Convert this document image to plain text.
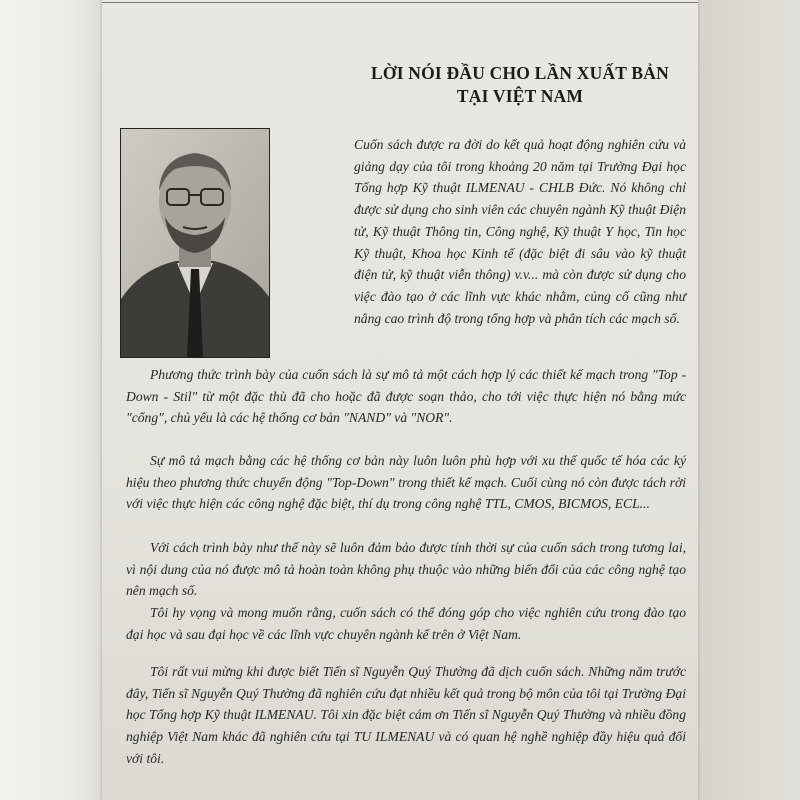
LỜI NÓI ĐẦU CHO LẦN XUẤT BẢN
TẠI VIỆT NAM

Cuốn sách được ra đời do kết quả hoạt động nghiên cứu và giảng dạy của tôi trong khoảng 20 năm tại Trường Đại học Tổng hợp Kỹ thuật ILMENAU - CHLB Đức. Nó không chỉ được sử dụng cho sinh viên các chuyên ngành Kỹ thuật Điện tử, Kỹ thuật Thông tin, Công nghệ, Kỹ thuật Y học, Tin học Kỹ thuật, Khoa học Kinh tế (đặc biệt đi sâu vào kỹ thuật điện tử, kỹ thuật viễn thông) v.v... mà còn được sử dụng cho việc đào tạo ở các lĩnh vực khác nhằm, củng cố cũng như nâng cao trình độ trong tổng hợp và phân tích các mạch số.

Phương thức trình bày của cuốn sách là sự mô tả một cách hợp lý các thiết kế mạch trong "Top - Down - Stil" từ một đặc thù đã cho hoặc đã được soạn thảo, cho tới việc thực hiện nó bằng mức "cổng", chủ yếu là các hệ thống cơ bản "NAND" và "NOR".

Sự mô tả mạch bằng các hệ thống cơ bản này luôn luôn phù hợp với xu thế quốc tế hóa các ký hiệu theo phương thức chuyển động "Top-Down" trong thiết kế mạch. Cuối cùng nó còn được tách rời với việc thực hiện các công nghệ đặc biệt, thí dụ trong công nghệ TTL, CMOS, BICMOS, ECL...

Với cách trình bày như thế này sẽ luôn đảm bảo được tính thời sự của cuốn sách trong tương lai, vì nội dung của nó được mô tả hoàn toàn không phụ thuộc vào những biến đổi của các công nghệ tạo nên mạch số.

Tôi hy vọng và mong muốn rằng, cuốn sách có thể đóng góp cho việc nghiên cứu trong đào tạo đại học và sau đại học về các lĩnh vực chuyên ngành kể trên ở Việt Nam.

Tôi rất vui mừng khi được biết Tiến sĩ Nguyễn Quý Thường đã dịch cuốn sách. Những năm trước đây, Tiến sĩ Nguyễn Quý Thường đã nghiên cứu đạt nhiều kết quả trong bộ môn của tôi tại Trường Đại học Tổng hợp Kỹ thuật ILMENAU. Tôi xin đặc biệt cám ơn Tiến sĩ Nguyễn Quý Thường và nhiều đồng nghiệp Việt Nam khác đã nghiên cứu tại TU ILMENAU và có quan hệ nghề nghiệp đầy hiệu quả đối với tôi.
